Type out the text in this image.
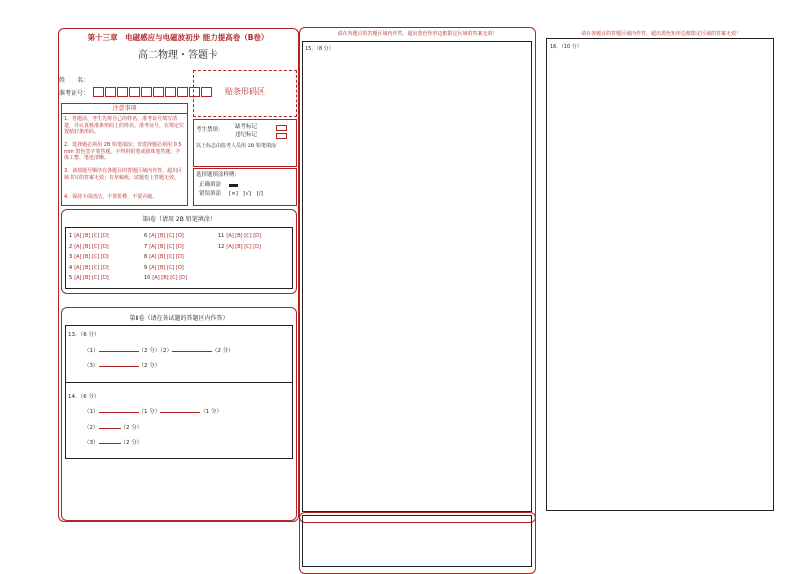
第十三章　电磁感应与电磁波初步 能力提高卷（B卷）
高二物理・答题卡
姓　　名：
准考证号：	贴条形码区
注意事项
1．答题前，考生先将自己的姓名，准考证号填写清楚，并认真核准条形码上的姓名、准考证号，在规定位置贴好条形码。
2．选择题必须用 2B 铅笔填涂；非选择题必须用 0.5 mm 黑色签字笔答题，不得用铅笔或圆珠笔答题；字体工整、笔迹清晰。
3．请按题号顺序在各题目的答题区域内作答，超出区域书写的答案无效；在草稿纸、试题卷上答题无效。
4．保持卡面清洁，不要折叠、不要弄破。
考生禁填： 缺考标记
违纪标记
以上标志由监考人员用 2B 铅笔填涂
选择题填涂样例：
正确填涂
错误填涂 [×]　[√]　[/]
第Ⅰ卷（请用 2B 铅笔填涂）
1 [A] [B] [C] [D]
2 [A] [B] [C] [D]
3 [A] [B] [C] [D]
4 [A] [B] [C] [D]
5 [A] [B] [C] [D]
6 [A] [B] [C] [D]
7 [A] [B] [C] [D]
8 [A] [B] [C] [D]
9 [A] [B] [C] [D]
10 [A] [B] [C] [D]
11 [A] [B] [C] [D]
12 [A] [B] [C] [D]
第Ⅱ卷（请在各试题的答题区内作答）
13．（6 分）
（1）	（2 分）（2）	（2 分）
（3）	（2 分）
14．（6 分）
（1）	（1 分）	（1 分）
（2）	（2 分）
（3）	（2 分）
请在各题目的答题区域内作答，超出黑色矩形边框限定区域的答案无效！
15．（8 分）
请在各题目的答题区域内作答，超出黑色矩形边框限定区域的答案无效！
16．（10 分）
